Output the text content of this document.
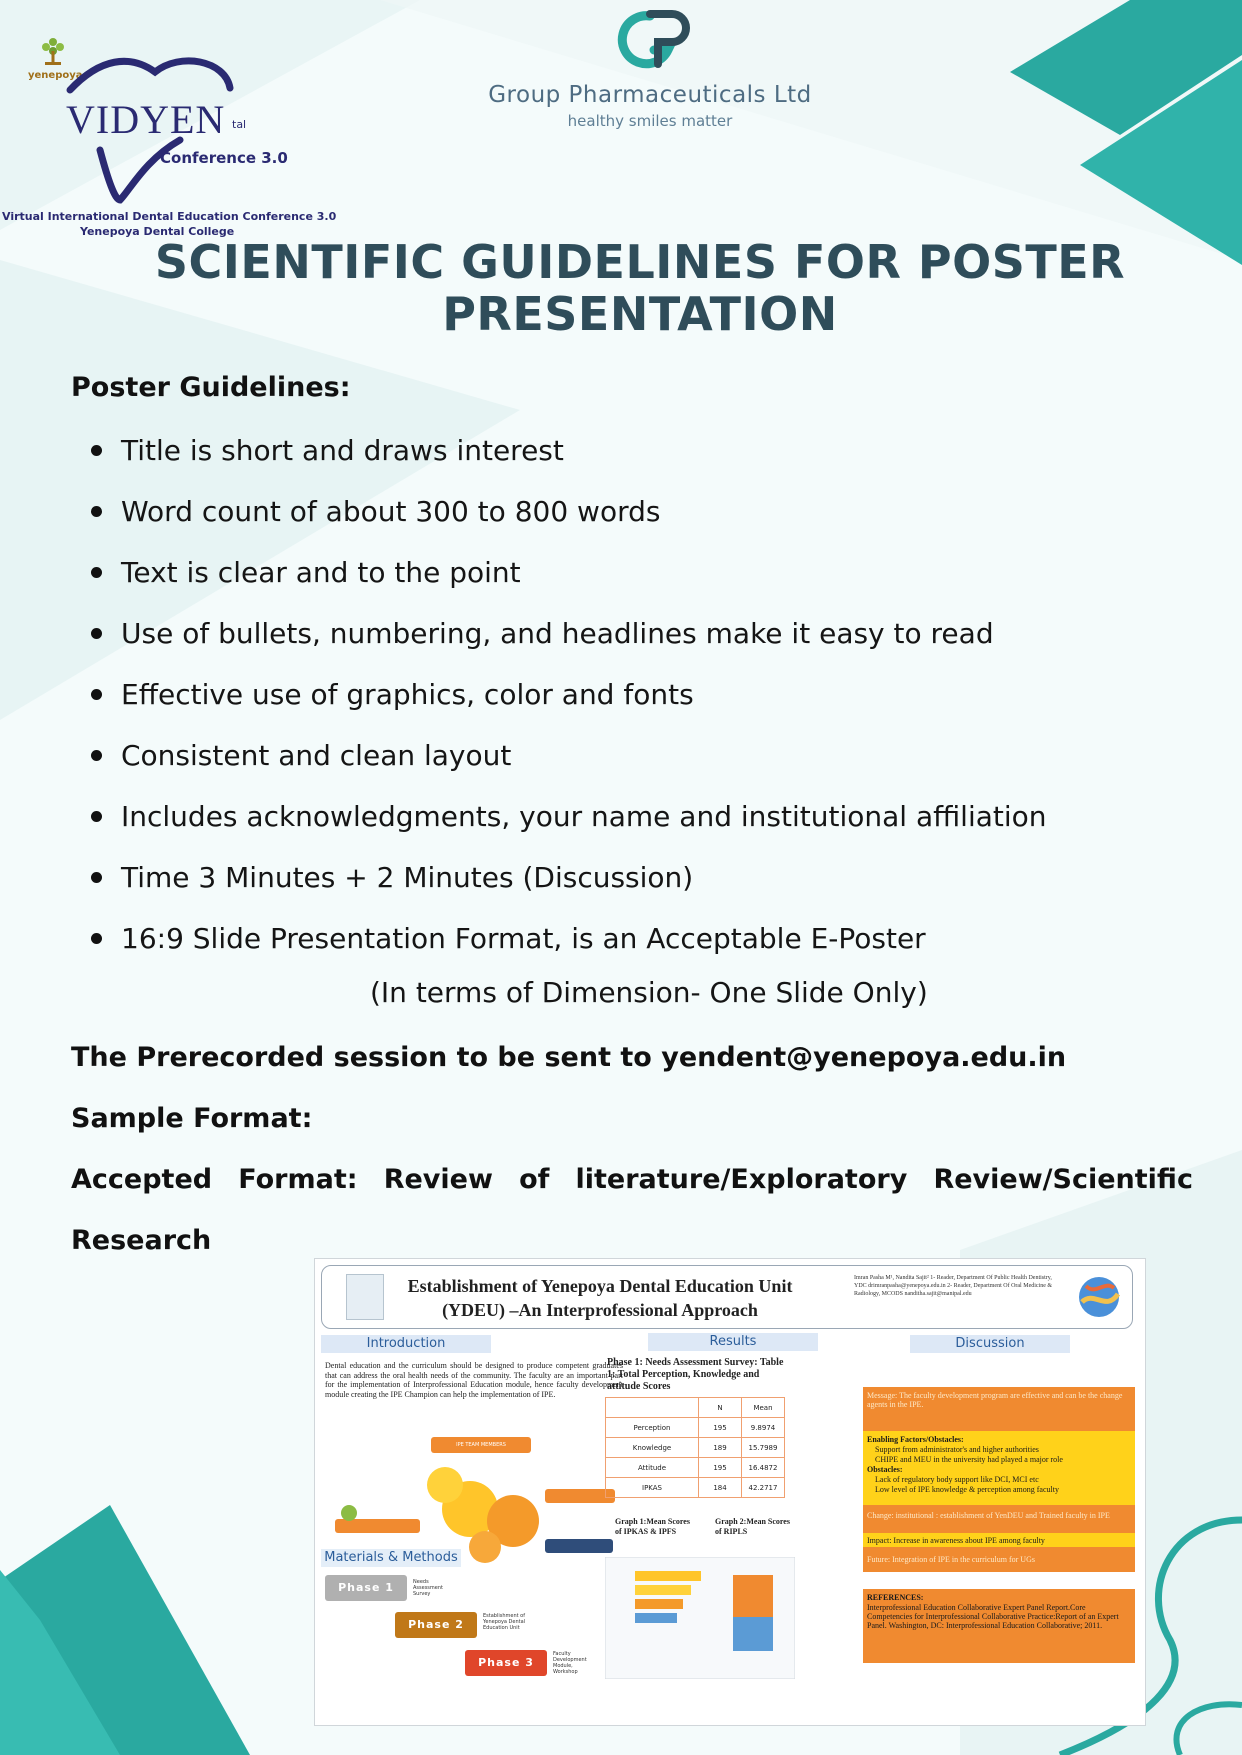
yenepoya
VIDYEN tal
Conference 3.0
Virtual International Dental Education Conference 3.0
Yenepoya Dental College
Group Pharmaceuticals Ltd
healthy smiles matter
SCIENTIFIC GUIDELINES FOR POSTER
PRESENTATION
Poster Guidelines:
Title is short and draws interest
Word count of about 300 to 800 words
Text is clear and to the point
Use of bullets, numbering, and headlines make it easy to read
Effective use of graphics, color and fonts
Consistent and clean layout
Includes acknowledgments, your name and institutional affiliation
Time 3 Minutes + 2 Minutes (Discussion)
16:9 Slide Presentation Format, is an Acceptable E-Poster
(In terms of Dimension- One Slide Only)
The Prerecorded session to be sent to yendent@yenepoya.edu.in
Sample Format:
Accepted Format: Review of literature/Exploratory Review/Scientific
Research
Establishment of Yenepoya Dental Education Unit (YDEU) –An Interprofessional Approach
Imran Pasha M¹, Nandita Sajit² 1- Reader, Department Of Public Health Dentistry, YDC drimranpasha@yenepoya.edu.in 2- Reader, Department Of Oral Medicine & Radiology, MCODS nanditha.sajit@manipal.edu
Introduction	Results	Discussion
Dental education and the curriculum should be designed to produce competent graduates that can address the oral health needs of the community. The faculty are an important part for the implementation of Interprofessional Education module, hence faculty development module creating the IPE Champion can help the implementation of IPE.
IPE TEAM MEMBERS
Materials & Methods
Phase 1	Needs Assessment Survey
Phase 2
Establishment of Yenepoya Dental Education Unit
Phase 3
Faculty Development Module, Workshop
Phase 1: Needs Assessment Survey: Table 1: Total Perception, Knowledge and attitude Scores
	N	Mean
Perception	195	9.8974
Knowledge	189	15.7989
Attitude	195	16.4872
IPKAS	184	42.2717
Graph 1:Mean Scores of IPKAS & IPFS
Graph 2:Mean Scores of RIPLS
Message: The faculty development program are effective and can be the change agents in the IPE.
Enabling Factors/Obstacles:
Support from administrator's and higher authorities
CHIPE and MEU in the university had played a major role
Obstacles:
Lack of regulatory body support like DCI, MCI etc
Low level of IPE knowledge & perception among faculty
Change: institutional : establishment of YenDEU and Trained faculty in IPE
Impact: Increase in awareness about IPE among faculty
Future: Integration of IPE in the curriculum for UGs
REFERENCES:
Interprofessional Education Collaborative Expert Panel Report.Core Competencies for Interprofessional Collaborative Practice:Report of an Expert Panel. Washington, DC: Interprofessional Education Collaborative; 2011.
